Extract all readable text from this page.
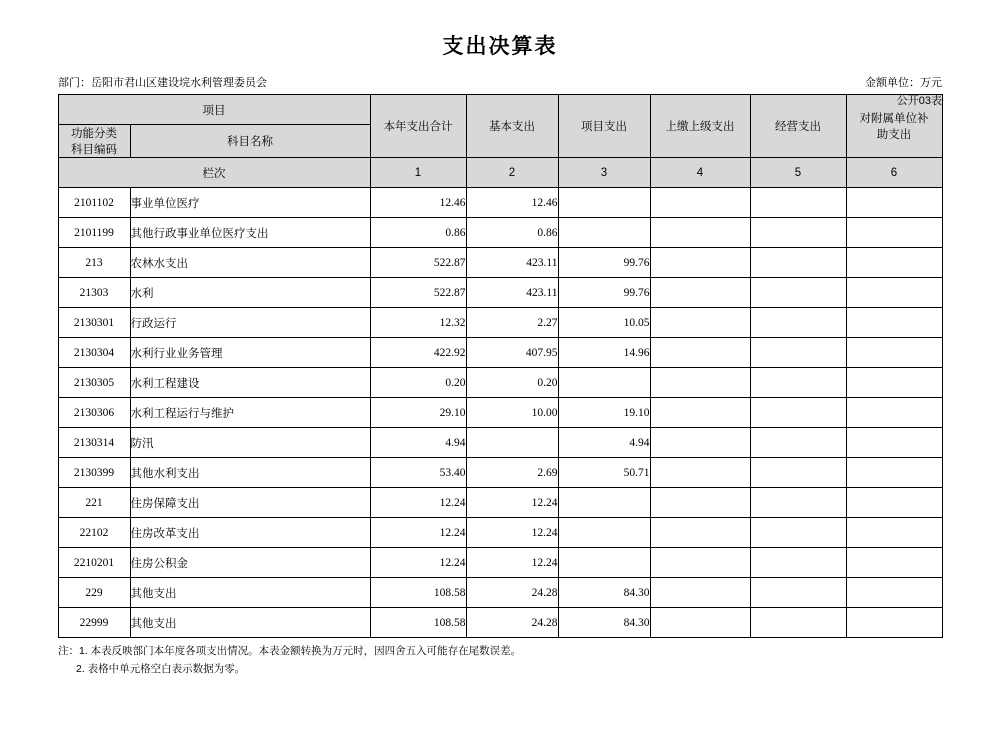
支出决算表
公开03表
部门：岳阳市君山区建设垸水利管理委员会	金额单位：万元
项目		本年支出合计	基本支出	项目支出	上缴上级支出	经营支出	对附属单位补
助支出

功能分类
科目编码	科目名称						
栏次		1	2	3	4	5	6
2101102	事业单位医疗	12.46	12.46				
2101199	其他行政事业单位医疗支出	0.86	0.86				
213	农林水支出	522.87	423.11	99.76			
21303	水利	522.87	423.11	99.76			
2130301	行政运行	12.32	2.27	10.05			
2130304	水利行业业务管理	422.92	407.95	14.96			
2130305	水利工程建设	0.20	0.20				
2130306	水利工程运行与维护	29.10	10.00	19.10			
2130314	防汛	4.94		4.94			
2130399	其他水利支出	53.40	2.69	50.71			
221	住房保障支出	12.24	12.24				
22102	住房改革支出	12.24	12.24				
2210201	住房公积金	12.24	12.24				
229	其他支出	108.58	24.28	84.30			
22999	其他支出	108.58	24.28	84.30			
注：1. 本表反映部门本年度各项支出情况。本表金额转换为万元时，因四舍五入可能存在尾数误差。
2. 表格中单元格空白表示数据为零。
